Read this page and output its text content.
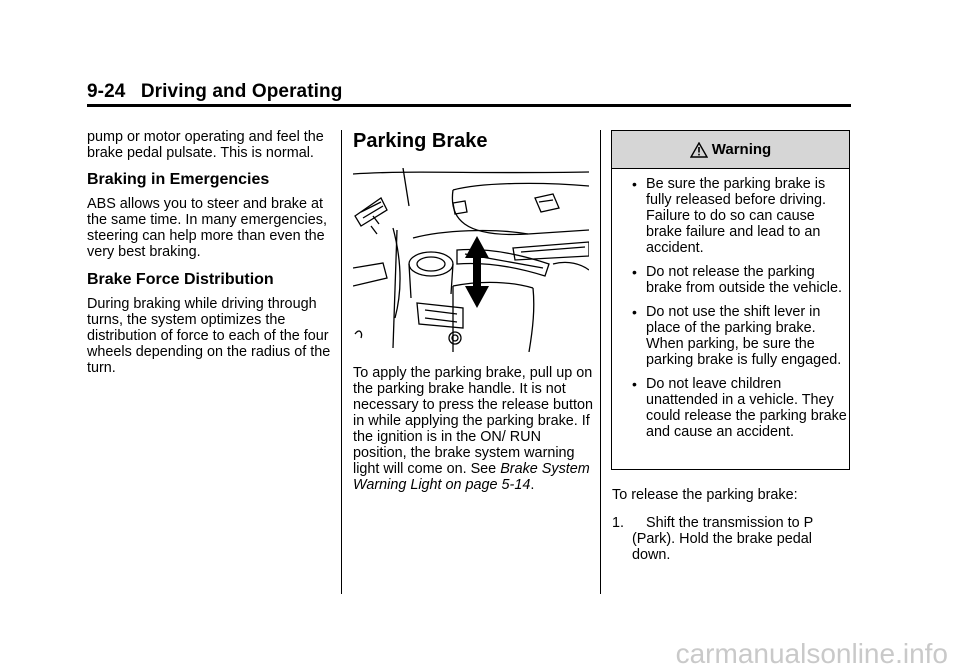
9-24 Driving and Operating

pump or motor operating and feel the brake pedal pulsate. This is normal.

Braking in Emergencies

ABS allows you to steer and brake at the same time. In many emergencies, steering can help more than even the very best braking.

Brake Force Distribution

During braking while driving through turns, the system optimizes the distribution of force to each of the four wheels depending on the radius of the turn.

Parking Brake

To apply the parking brake, pull up on the parking brake handle. It is not necessary to press the release button in while applying the parking brake. If the ignition is in the ON/ RUN position, the brake system warning light will come on. See Brake System Warning Light on page 5-14.

Warning
• Be sure the parking brake is fully released before driving. Failure to do so can cause brake failure and lead to an accident.
• Do not release the parking brake from outside the vehicle.
• Do not use the shift lever in place of the parking brake. When parking, be sure the parking brake is fully engaged.
• Do not leave children unattended in a vehicle. They could release the parking brake and cause an accident.

To release the parking brake:

1.	Shift the transmission to P (Park). Hold the brake pedal down.
carmanualsonline.info
